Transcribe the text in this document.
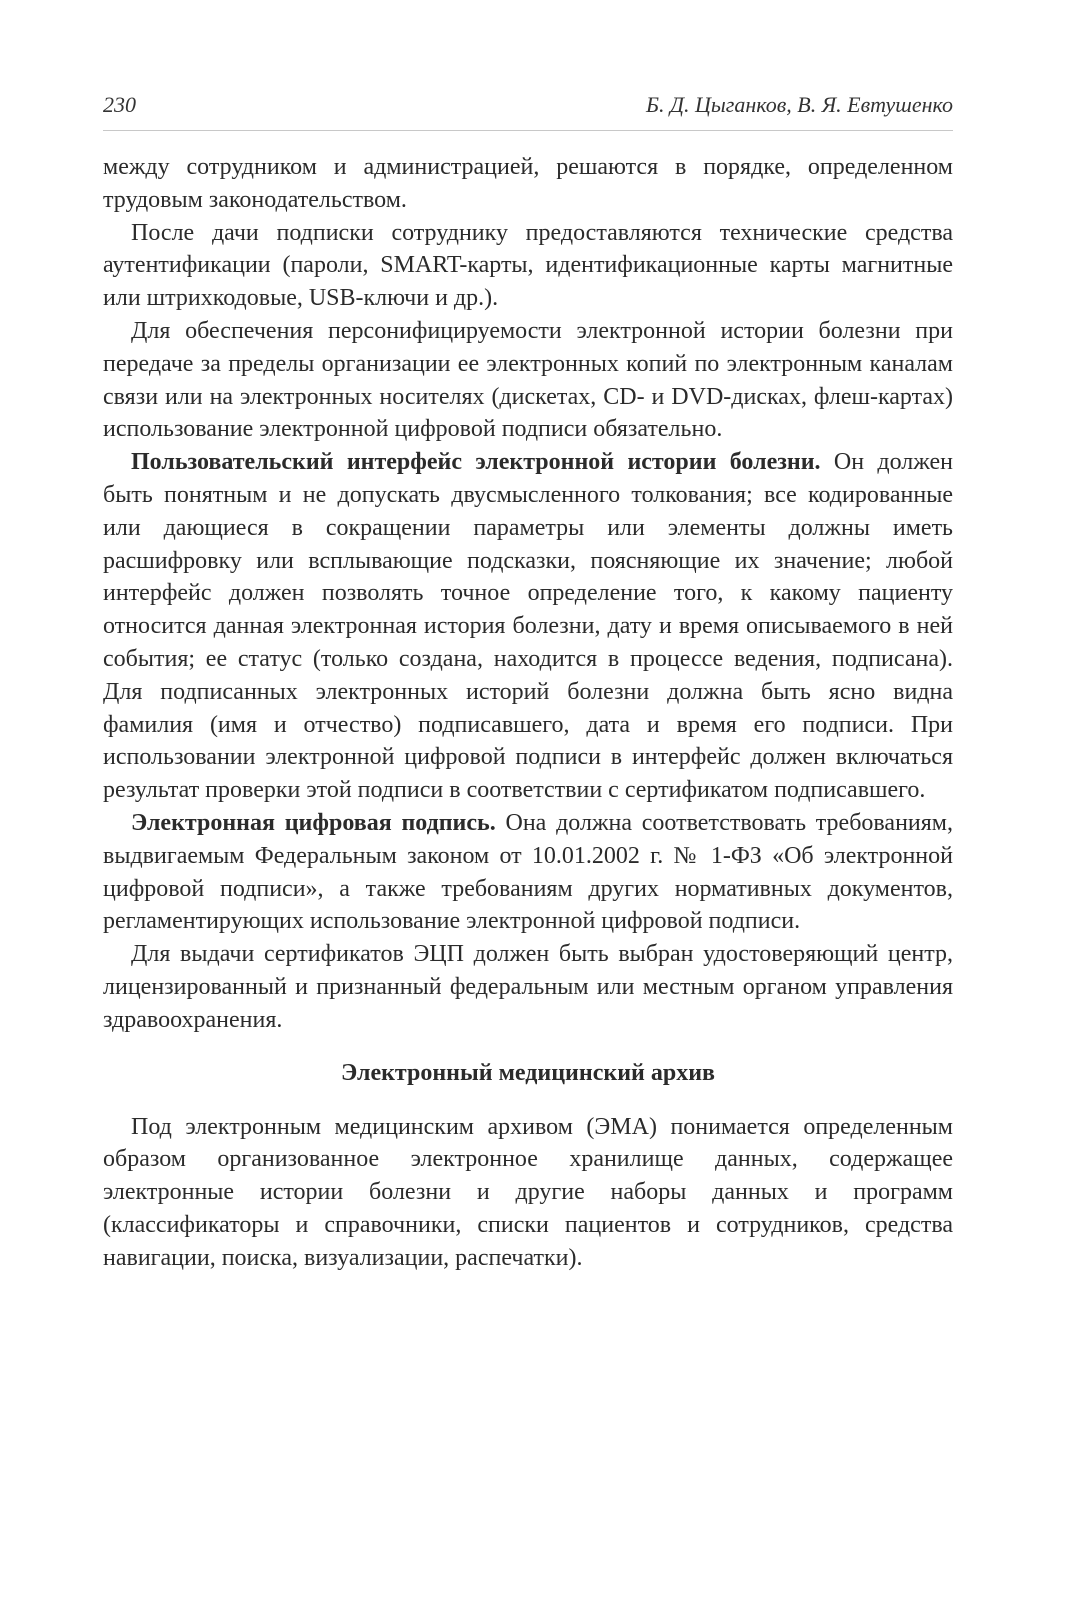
230	Б. Д. Цыганков, В. Я. Евтушенко

между сотрудником и администрацией, решаются в порядке, определенном трудовым законодательством.

После дачи подписки сотруднику предоставляются технические средства аутентификации (пароли, SMART-карты, идентификационные карты магнитные или штрихкодовые, USB-ключи и др.).

Для обеспечения персонифицируемости электронной истории болезни при передаче за пределы организации ее электронных копий по электронным каналам связи или на электронных носителях (дискетах, CD- и DVD-дисках, флеш-картах) использование электронной цифровой подписи обязательно.

Пользовательский интерфейс электронной истории болезни. Он должен быть понятным и не допускать двусмысленного толкования; все кодированные или дающиеся в сокращении параметры или элементы должны иметь расшифровку или всплывающие подсказки, поясняющие их значение; любой интерфейс должен позволять точное определение того, к какому пациенту относится данная электронная история болезни, дату и время описываемого в ней события; ее статус (только создана, находится в процессе ведения, подписана). Для подписанных электронных историй болезни должна быть ясно видна фамилия (имя и отчество) подписавшего, дата и время его подписи. При использовании электронной цифровой подписи в интерфейс должен включаться результат проверки этой подписи в соответствии с сертификатом подписавшего.

Электронная цифровая подпись. Она должна соответствовать требованиям, выдвигаемым Федеральным законом от 10.01.2002 г. № 1-ФЗ «Об электронной цифровой подписи», а также требованиям других нормативных документов, регламентирующих использование электронной цифровой подписи.

Для выдачи сертификатов ЭЦП должен быть выбран удостоверяющий центр, лицензированный и признанный федеральным или местным органом управления здравоохранения.

Электронный медицинский архив

Под электронным медицинским архивом (ЭМА) понимается определенным образом организованное электронное хранилище данных, содержащее электронные истории болезни и другие наборы данных и программ (классификаторы и справочники, списки пациентов и сотрудников, средства навигации, поиска, визуализации, распечатки).
